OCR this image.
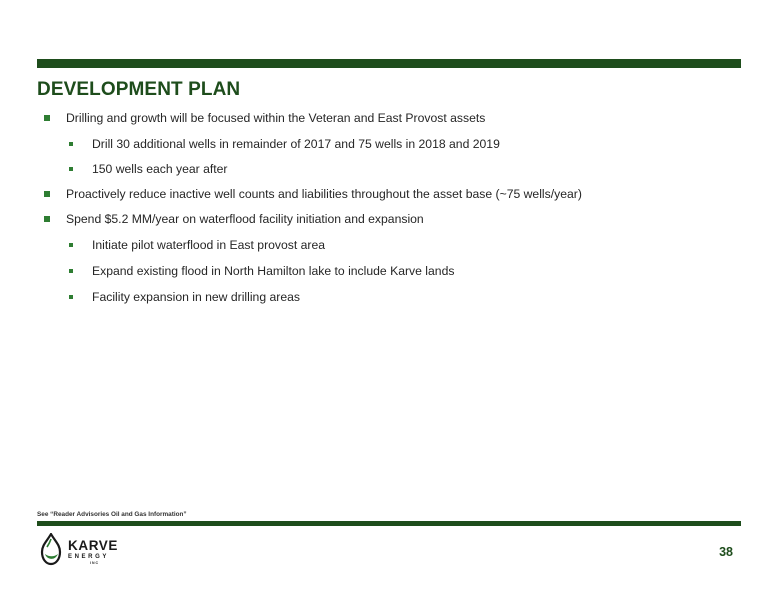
DEVELOPMENT PLAN
Drilling and growth will be focused within the Veteran and East Provost assets
Drill 30 additional wells in remainder of 2017 and 75 wells in 2018 and 2019
150 wells each year after
Proactively reduce inactive well counts and liabilities throughout the asset base (~75 wells/year)
Spend $5.2 MM/year on waterflood facility initiation and expansion
Initiate pilot waterflood in East provost area
Expand existing flood in North Hamilton lake to include Karve lands
Facility expansion in new drilling areas
See “Reader Advisories Oil and Gas Information”
KARVE
ENERGY
INC
38
